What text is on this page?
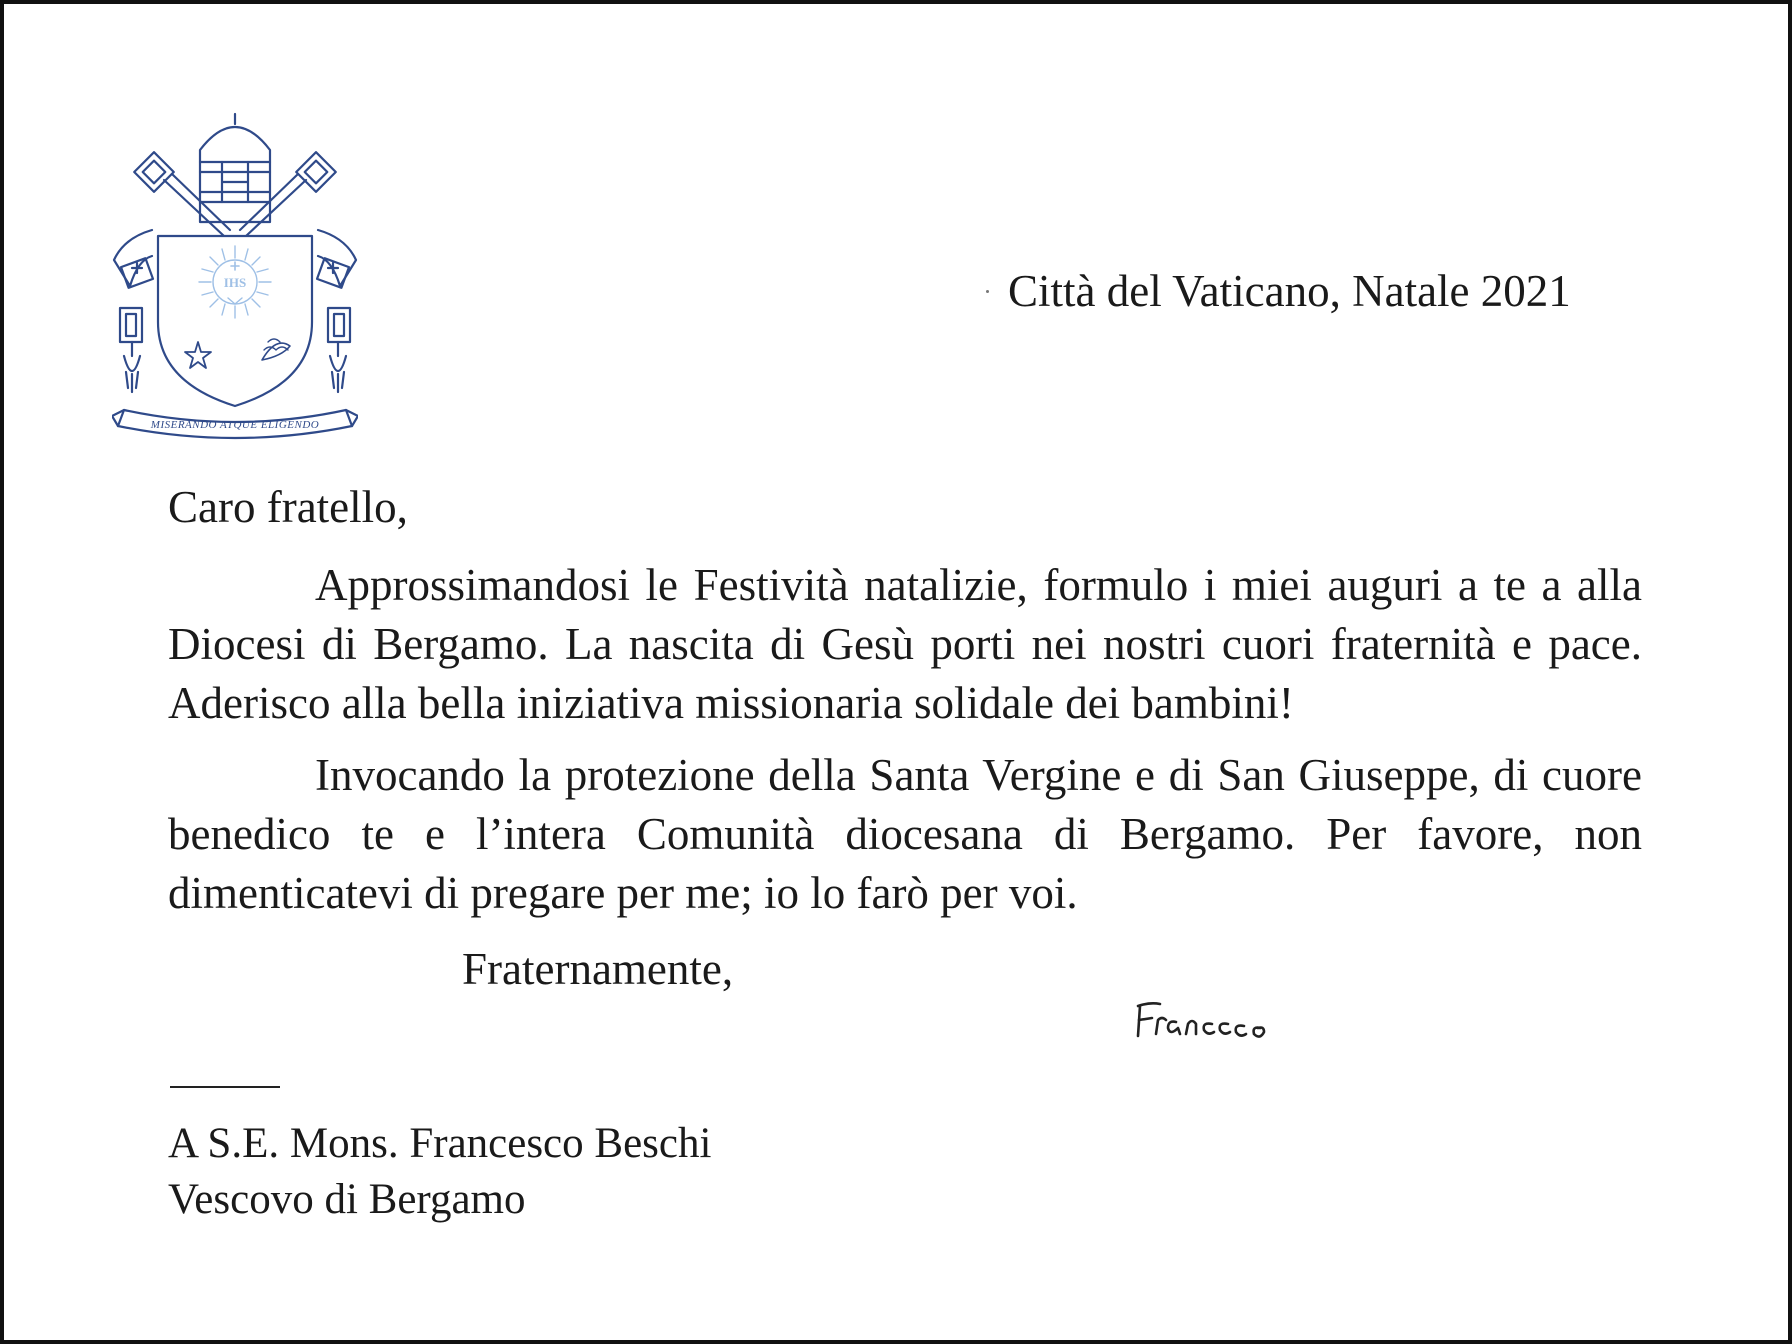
MISERANDO ATQUE ELIGENDO
IHS	Città del Vaticano, Natale 2021
Caro fratello,

Approssimandosi le Festività natalizie, formulo i miei auguri a te a alla Diocesi di Bergamo. La nascita di Gesù porti nei nostri cuori fraternità e pace. Aderisco alla bella iniziativa missionaria solidale dei bambini!

Invocando la protezione della Santa Vergine e di San Giuseppe, di cuore benedico te e l’intera Comunità diocesana di Bergamo. Per favore, non dimenticatevi di pregare per me; io lo farò per voi.

Fraternamente,
A S.E. Mons. Francesco Beschi
Vescovo di Bergamo
